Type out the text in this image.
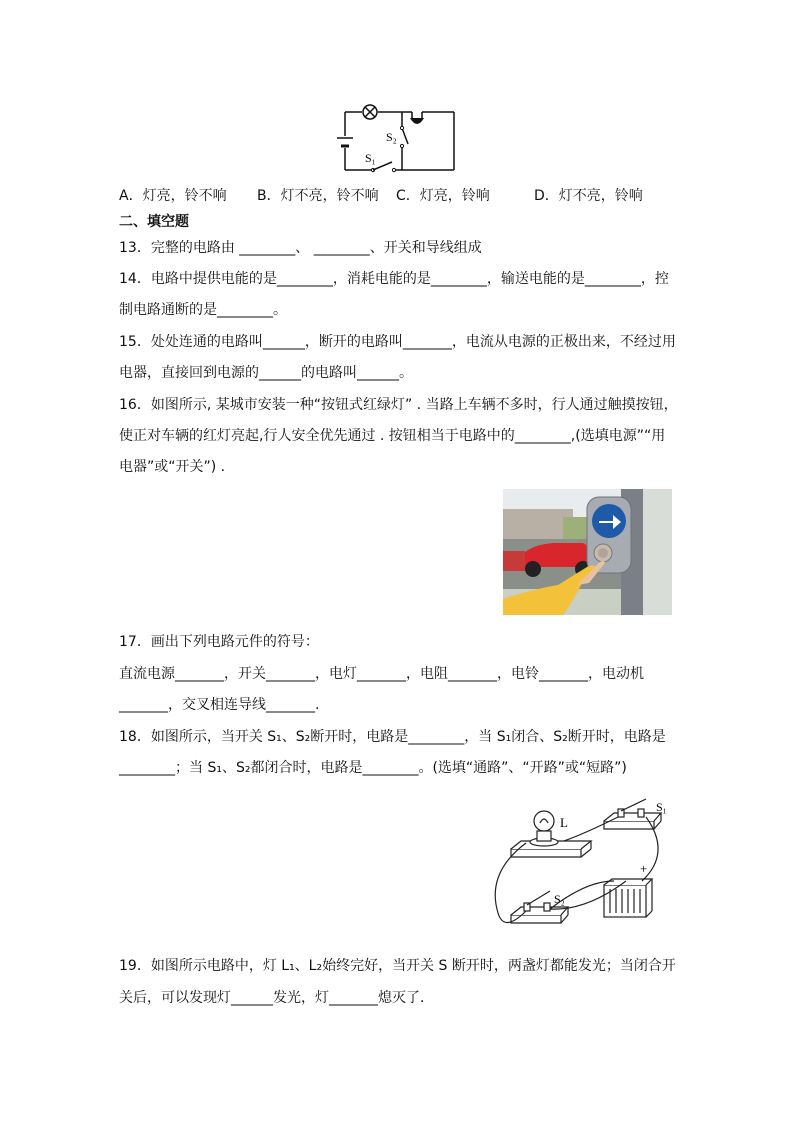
S₂
S₁
A．灯亮，铃不响 B．灯不亮，铃不响 C．灯亮，铃响	D．灯不亮，铃响
二、填空题
13．完整的电路由 ________、 ________、开关和导线组成
14．电路中提供电能的是________，消耗电能的是________，输送电能的是________，控
制电路通断的是________。
15．处处连通的电路叫______，断开的电路叫_______，电流从电源的正极出来，不经过用
电器，直接回到电源的______的电路叫______。
16．如图所示, 某城市安装一种“按钮式红绿灯” . 当路上车辆不多时，行人通过触摸按钮，
使正对车辆的红灯亮起,行人安全优先通过 . 按钮相当于电路中的________,(选填电源”“用
电器”或“开关”) .
17．画出下列电路元件的符号：
直流电源_______，开关_______，电灯_______，电阻_______，电铃_______，电动机
_______，交叉相连导线_______.
18．如图所示，当开关 S₁、S₂断开时，电路是________，当 S₁闭合、S₂断开时，电路是
________；当 S₁、S₂都闭合时，电路是________。(选填“通路”、“开路”或“短路”)
L
S₁
S₂
+
19．如图所示电路中，灯 L₁、L₂始终完好，当开关 S 断开时，两盏灯都能发光；当闭合开
关后，可以发现灯______发光，灯_______熄灭了．
